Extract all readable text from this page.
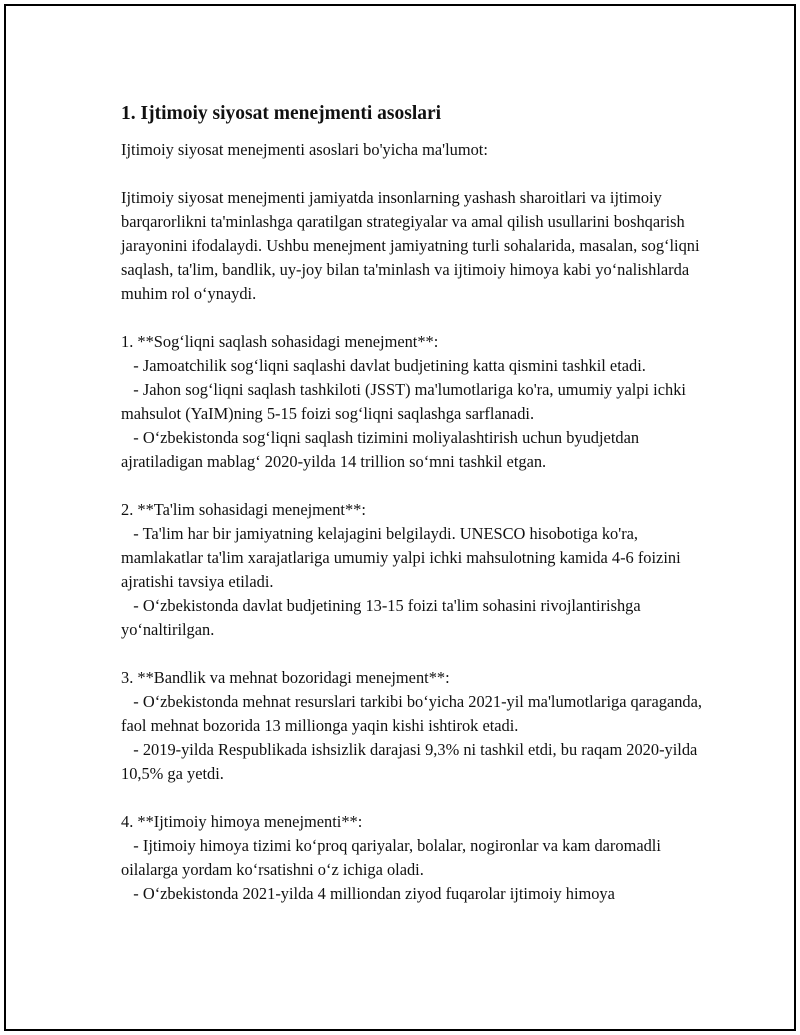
1. Ijtimoiy siyosat menejmenti asoslari
Ijtimoiy siyosat menejmenti asoslari bo'yicha ma'lumot:
Ijtimoiy siyosat menejmenti jamiyatda insonlarning yashash sharoitlari va ijtimoiy barqarorlikni ta'minlashga qaratilgan strategiyalar va amal qilish usullarini boshqarish jarayonini ifodalaydi. Ushbu menejment jamiyatning turli sohalarida, masalan, sog‘liqni saqlash, ta'lim, bandlik, uy-joy bilan ta'minlash va ijtimoiy himoya kabi yo‘nalishlarda muhim rol o‘ynaydi.
1. **Sog‘liqni saqlash sohasidagi menejment**:
- Jamoatchilik sog‘liqni saqlashi davlat budjetining katta qismini tashkil etadi.
- Jahon sog‘liqni saqlash tashkiloti (JSST) ma'lumotlariga ko'ra, umumiy yalpi ichki mahsulot (YaIM)ning 5-15 foizi sog‘liqni saqlashga sarflanadi.
- O‘zbekistonda sog‘liqni saqlash tizimini moliyalashtirish uchun byudjetdan ajratiladigan mablag‘ 2020-yilda 14 trillion so‘mni tashkil etgan.
2. **Ta'lim sohasidagi menejment**:
- Ta'lim har bir jamiyatning kelajagini belgilaydi. UNESCO hisobotiga ko'ra, mamlakatlar ta'lim xarajatlariga umumiy yalpi ichki mahsulotning kamida 4-6 foizini ajratishi tavsiya etiladi.
- O‘zbekistonda davlat budjetining 13-15 foizi ta'lim sohasini rivojlantirishga yo‘naltirilgan.
3. **Bandlik va mehnat bozoridagi menejment**:
- O‘zbekistonda mehnat resurslari tarkibi bo‘yicha 2021-yil ma'lumotlariga qaraganda, faol mehnat bozorida 13 millionga yaqin kishi ishtirok etadi.
- 2019-yilda Respublikada ishsizlik darajasi 9,3% ni tashkil etdi, bu raqam 2020-yilda 10,5% ga yetdi.
4. **Ijtimoiy himoya menejmenti**:
- Ijtimoiy himoya tizimi ko‘proq qariyalar, bolalar, nogironlar va kam daromadli oilalarga yordam ko‘rsatishni o‘z ichiga oladi.
- O‘zbekistonda 2021-yilda 4 milliondan ziyod fuqarolar ijtimoiy himoya
